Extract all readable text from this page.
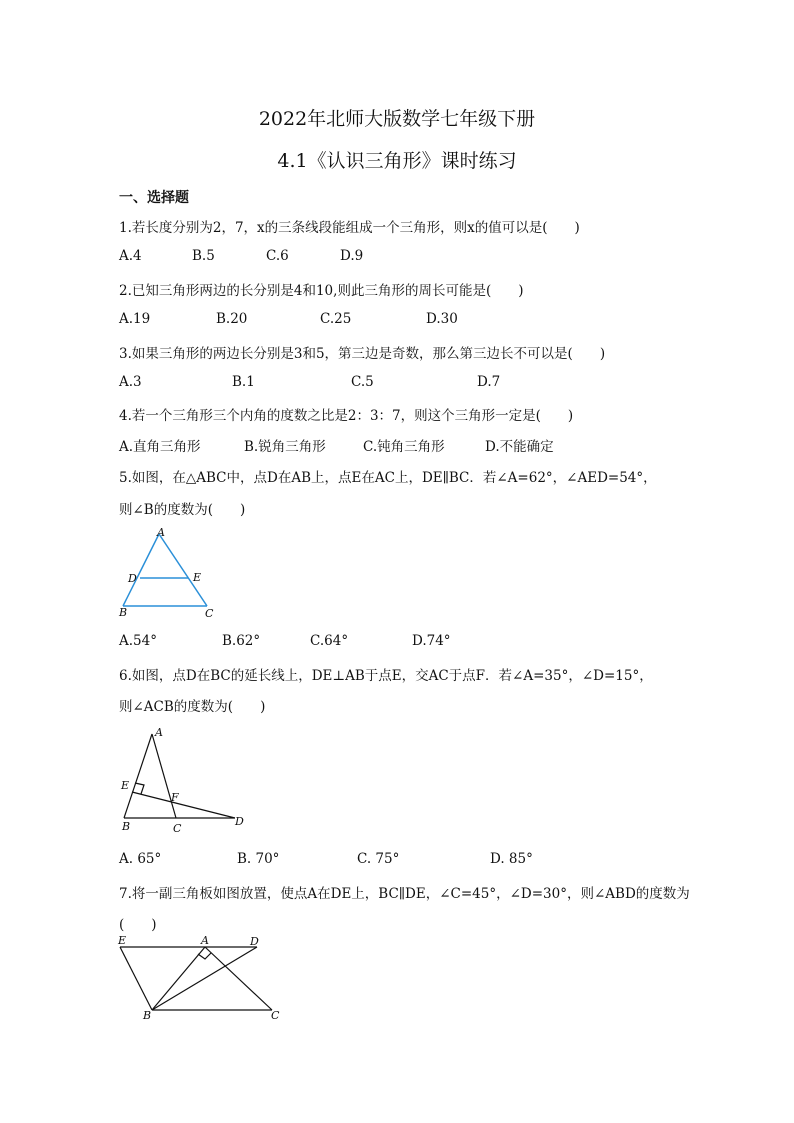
2022年北师大版数学七年级下册
4.1《认识三角形》课时练习
一、选择题
1.若长度分别为2，7，x的三条线段能组成一个三角形，则x的值可以是(　　)
A.4	B.5	C.6	D.9
2.已知三角形两边的长分别是4和10,则此三角形的周长可能是(　　)
A.19	B.20	C.25	D.30
3.如果三角形的两边长分别是3和5，第三边是奇数，那么第三边长不可以是(　　)
A.3	B.1	C.5	D.7
4.若一个三角形三个内角的度数之比是2：3：7，则这个三角形一定是(　　)
A.直角三角形	B.锐角三角形	C.钝角三角形	D.不能确定
5.如图，在△ABC中，点D在AB上，点E在AC上，DE∥BC．若∠A=62°，∠AED=54°，
则∠B的度数为(　　)
A
D	E
B	C
A.54°	B.62°	C.64°	D.74°
6.如图，点D在BC的延长线上，DE⊥AB于点E，交AC于点F．若∠A=35°，∠D=15°，
则∠ACB的度数为(　　)
A
E
F
B	C
D
A. 65°	B. 70°	C. 75°	D. 85°
7.将一副三角板如图放置，使点A在DE上，BC∥DE，∠C=45°，∠D=30°，则∠ABD的度数为
(　　)
E	A	D
B	C
